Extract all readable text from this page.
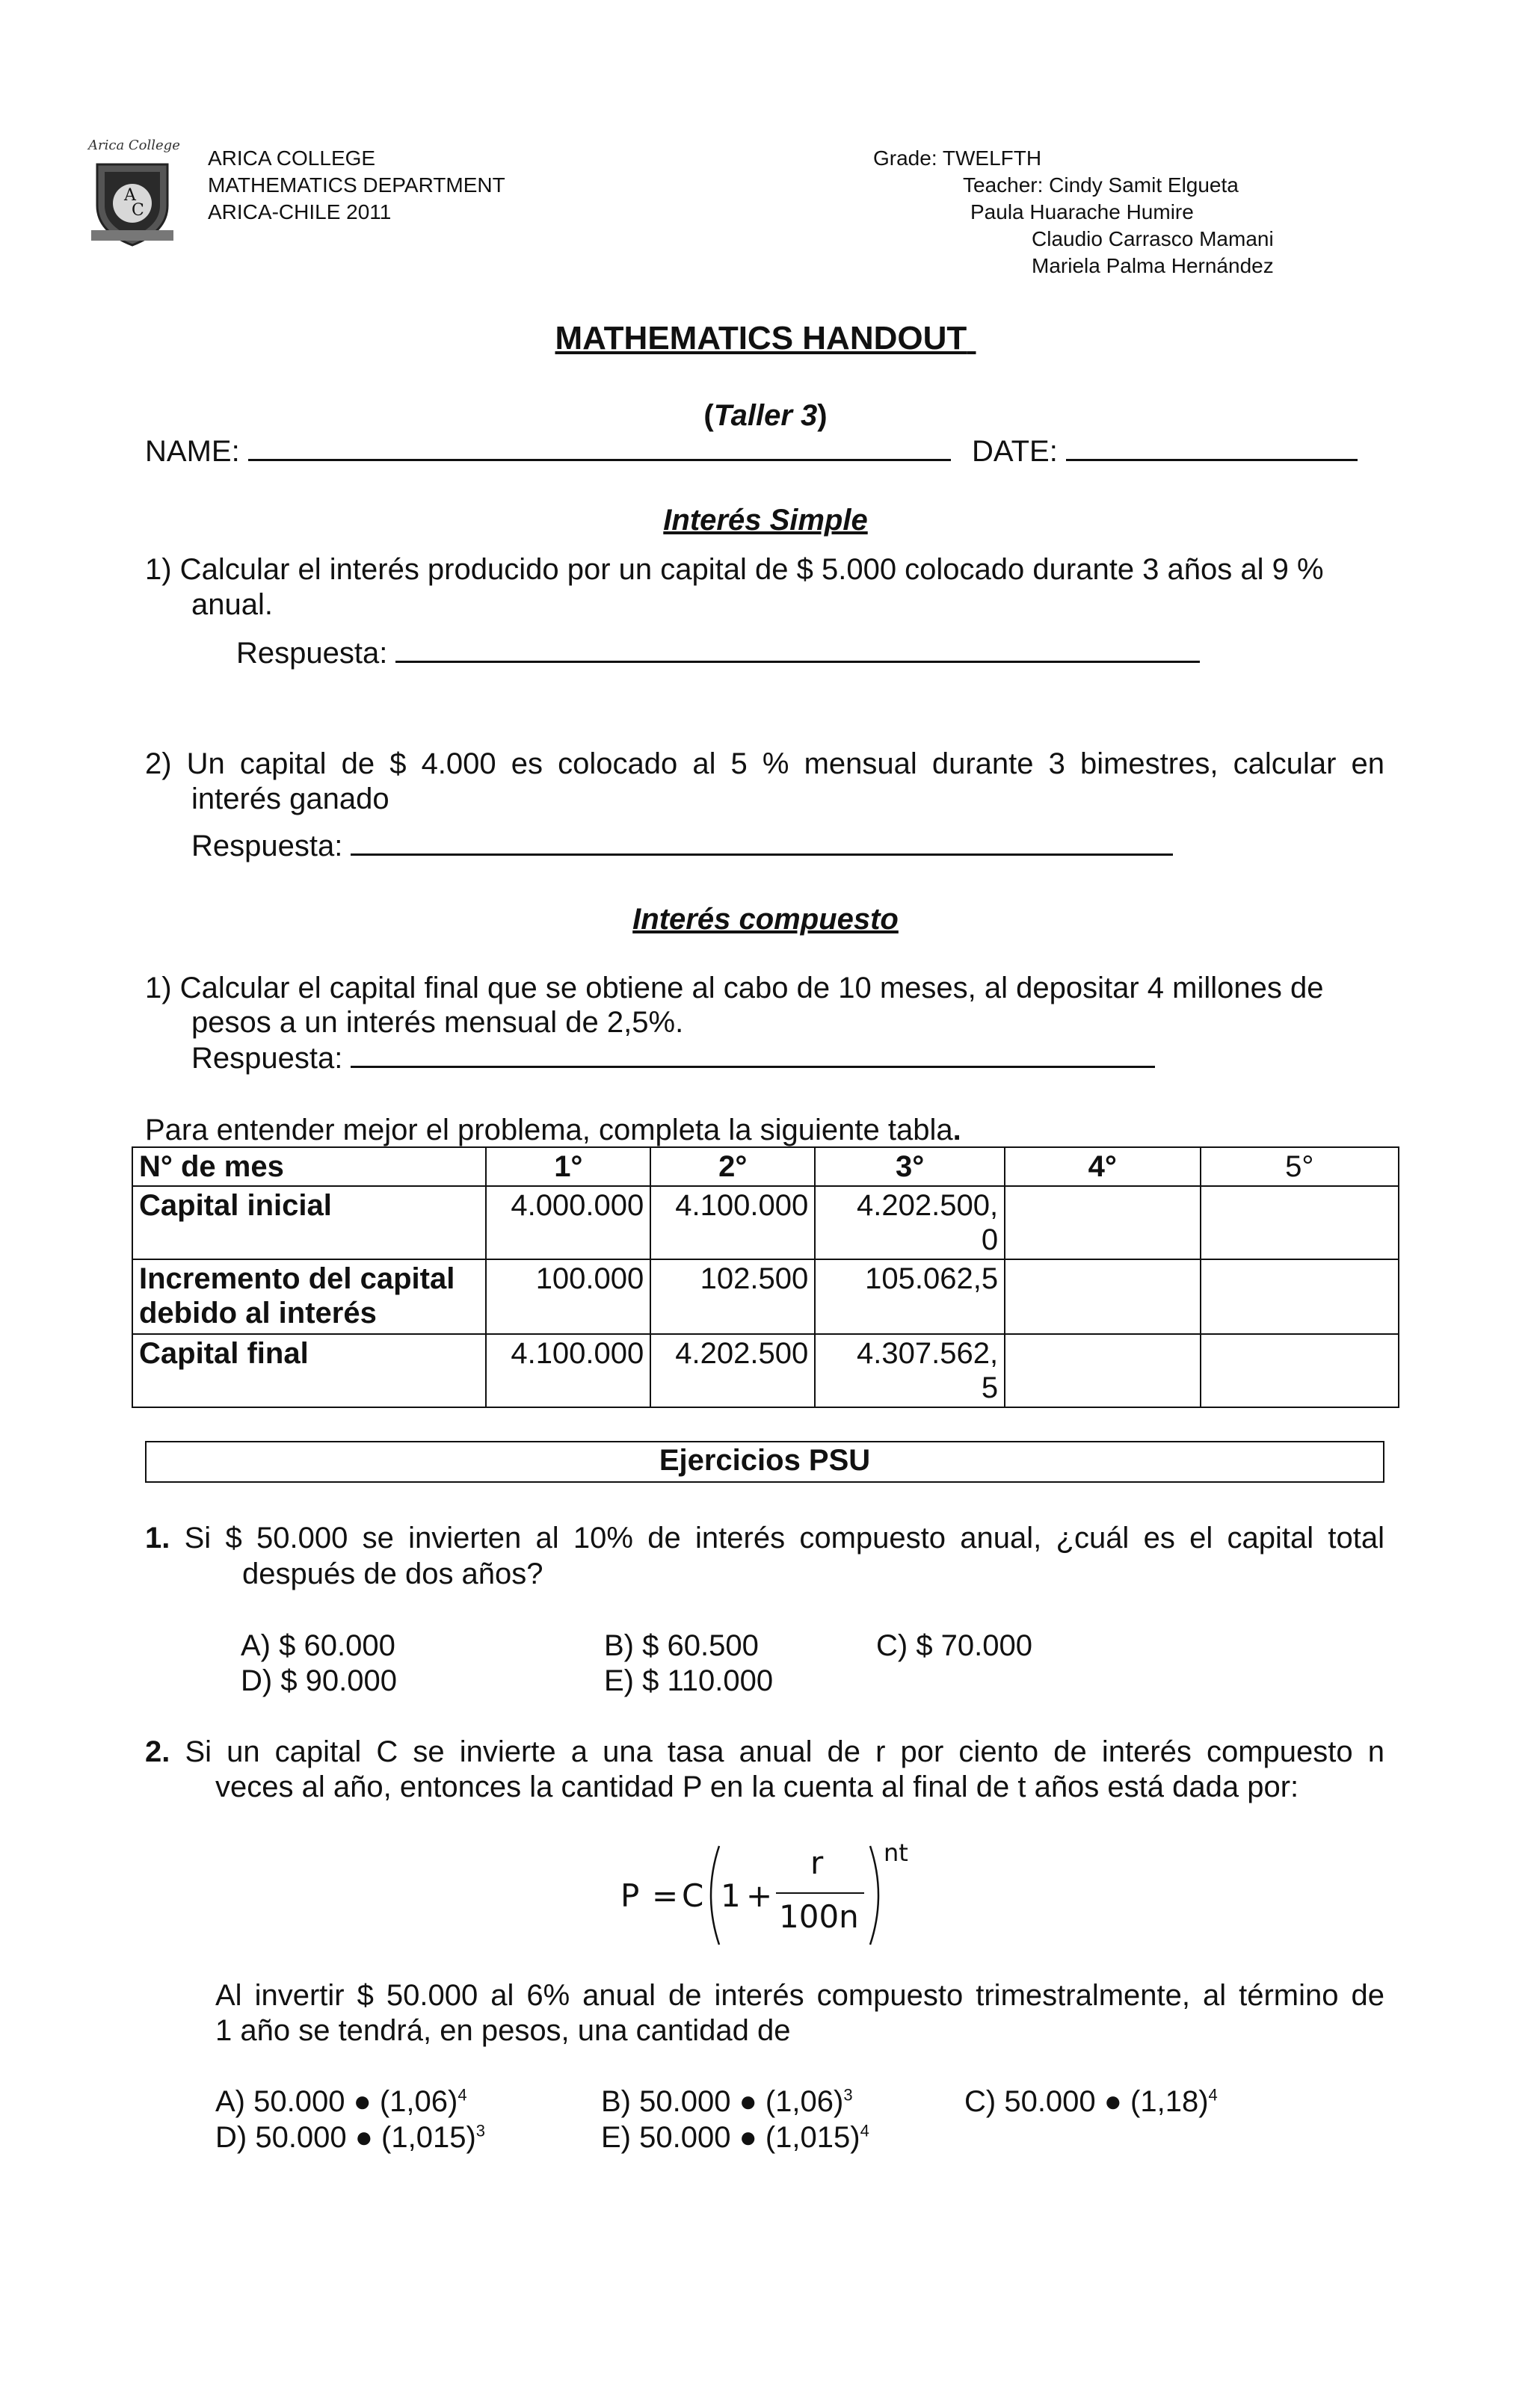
A
C
Arica College
ARICA COLLEGE
MATHEMATICS DEPARTMENT
ARICA-CHILE 2011
Grade: TWELFTH
Teacher: Cindy Samit Elgueta
Paula Huarache Humire
Claudio Carrasco Mamani
Mariela Palma Hernández
MATHEMATICS HANDOUT
(Taller 3)
NAME:	DATE:
Interés Simple
1) Calcular el interés producido por un capital de $ 5.000 colocado durante 3 años al 9 %
anual.
Respuesta:
2) Un capital de $ 4.000 es colocado al 5 % mensual durante 3 bimestres, calcular en
interés ganado
Respuesta:
Interés compuesto
1) Calcular el capital final que se obtiene al cabo de 10 meses, al depositar 4 millones de
pesos a un interés mensual de 2,5%.
Respuesta:
Para entender mejor el problema, completa la siguiente tabla.
N° de mes	1°	2°	3°	4°	5°
Capital inicial	4.000.000	4.100.000	4.202.500,
0		

Incremento del capital
debido al interés	100.000	102.500	105.062,5		
Capital final	4.100.000	4.202.500	4.307.562,
5		

Ejercicios PSU
1. Si $ 50.000 se invierten al 10% de interés compuesto anual, ¿cuál es el capital total
después de dos años?
A) $ 60.000	B) $ 60.500	C) $ 70.000
D) $ 90.000	E) $ 110.000
2. Si un capital C se invierte a una tasa anual de r por ciento de interés compuesto n
veces al año, entonces la cantidad P en la cuenta al final de t años está dada por:
P = C 1 +
r
100n
nt
Al invertir $ 50.000 al 6% anual de interés compuesto trimestralmente, al término de
1 año se tendrá, en pesos, una cantidad de
A) 50.000 ● $(1,06)^4$	B) 50.000 ● $(1,06)^3$	C) 50.000 ● $(1,18)^4$
D) 50.000 ● $(1,015)^3$	E) 50.000 ● $(1,015)^4$
